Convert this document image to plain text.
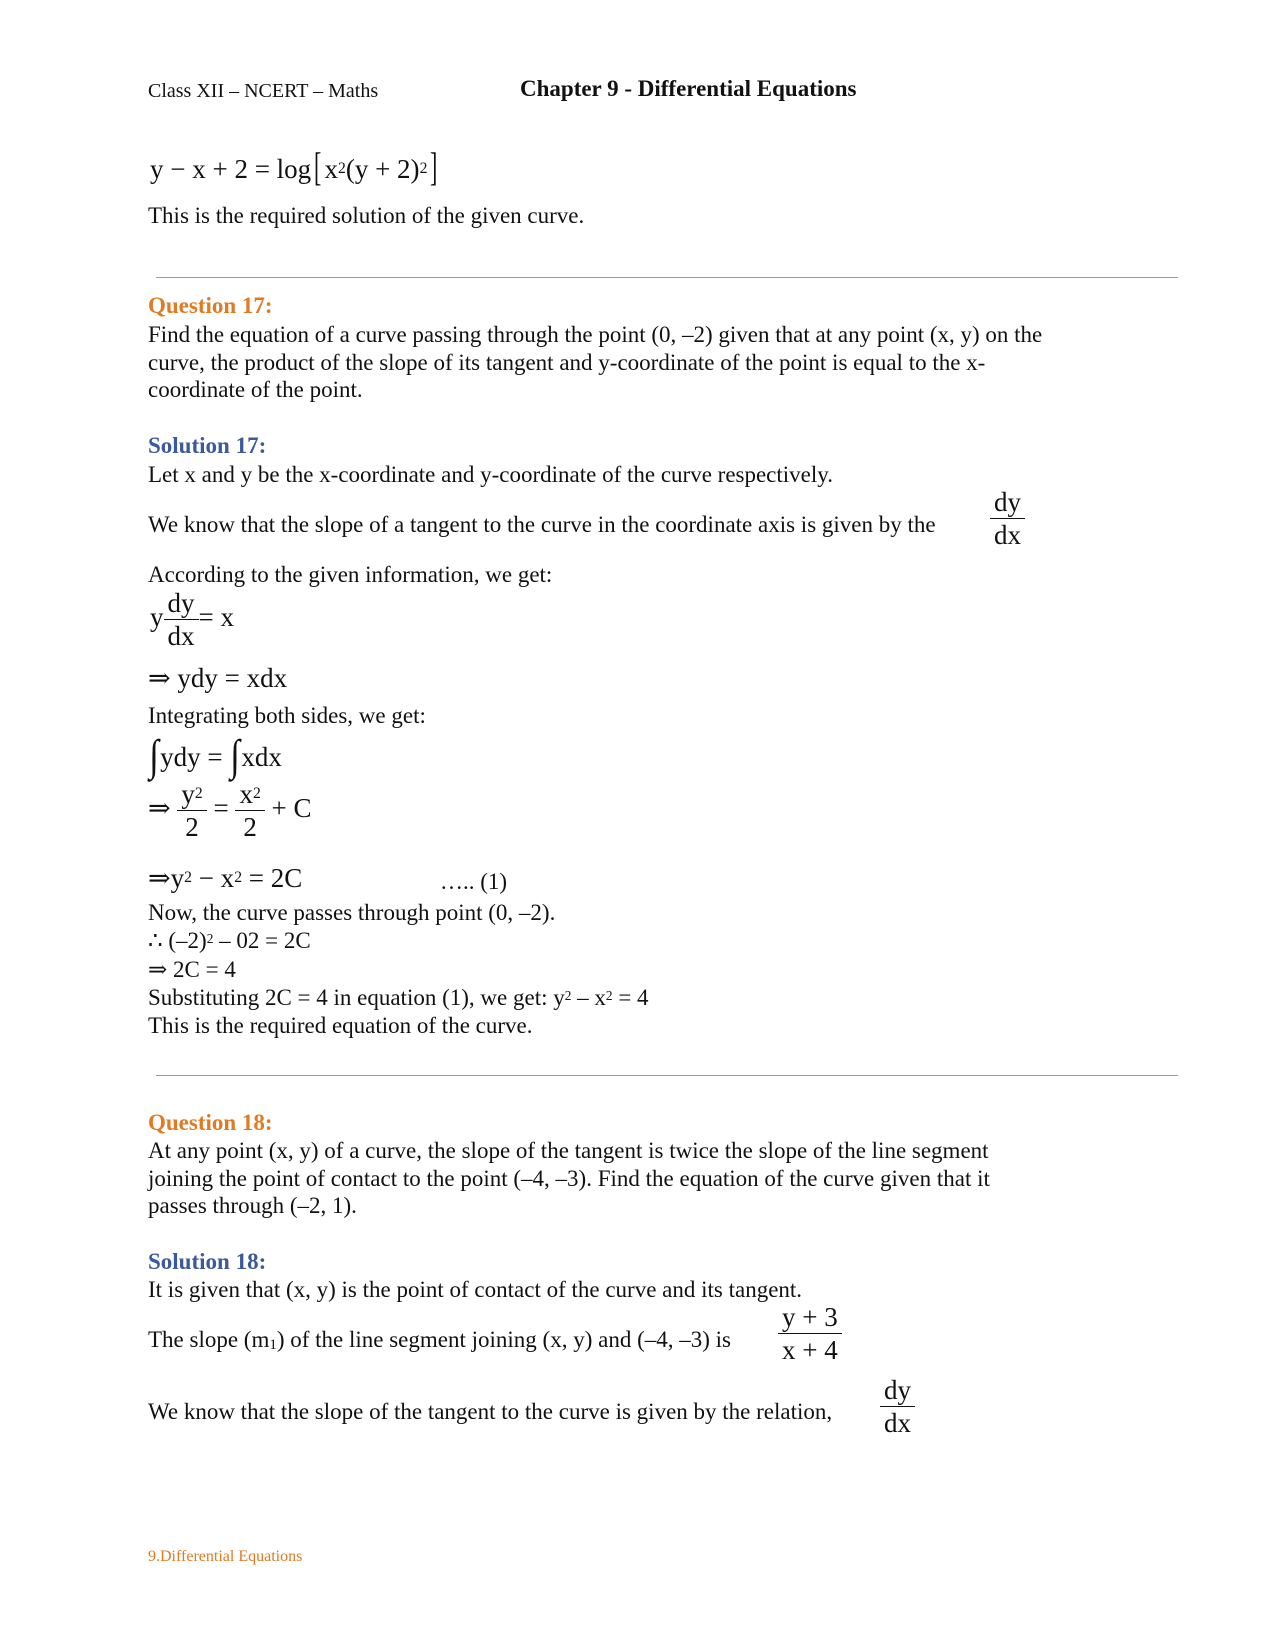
Class XII – NCERT – Maths	Chapter 9 - Differential Equations
y − x + 2 = log[ $x^2(y + 2)^2$]
This is the required solution of the given curve.
Question 17:
Find the equation of a curve passing through the point (0, –2) given that at any point (x, y) on the
curve, the product of the slope of its tangent and y-coordinate of the point is equal to the x-
coordinate of the point.
Solution 17:
Let x and y be the x-coordinate and y-coordinate of the curve respectively.
We know that the slope of a tangent to the curve in the coordinate axis is given by the $\frac{dy}{dx}$
According to the given information, we get:
y $\frac{dy}{dx} = x$
⇒ ydy = xdx
Integrating both sides, we get:
∫ydy = ∫xdx
⇒ $\frac{y^2}{2} = \frac{x^2}{2} + C$
$\Rightarrow y^2 - x^2 = 2C$	….. (1)
Now, the curve passes through point (0, –2).
∴ $(-2)^2 - 02 = 2C$
⇒ 2C = 4
Substituting 2C = 4 in equation (1), we get: $y^2 - x^2 = 4$
This is the required equation of the curve.
Question 18:
At any point (x, y) of a curve, the slope of the tangent is twice the slope of the line segment
joining the point of contact to the point (–4, –3). Find the equation of the curve given that it
passes through (–2, 1).
Solution 18:
It is given that (x, y) is the point of contact of the curve and its tangent.
The slope $(m_1)$ of the line segment joining (x, y) and (–4, –3) is $\frac{y + 3}{x + 4}$
We know that the slope of the tangent to the curve is given by the relation, $\frac{dy}{dx}$
9.Differential Equations
